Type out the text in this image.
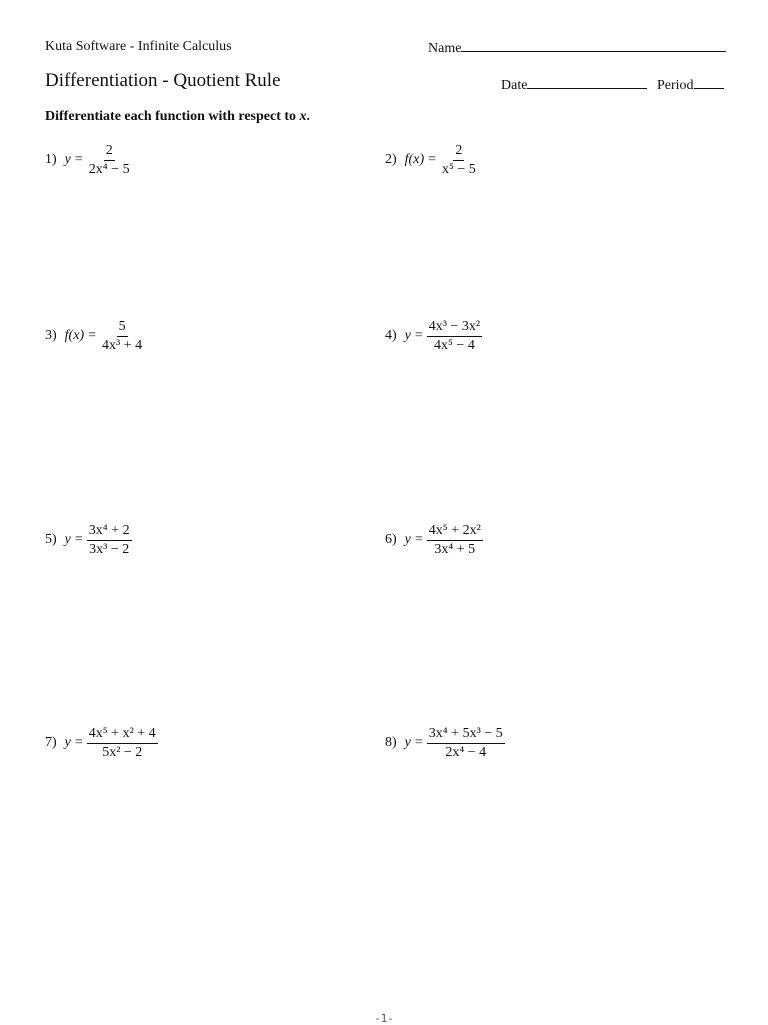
Kuta Software - Infinite Calculus	Name
Differentiation - Quotient Rule	Date	Period
Differentiate each function with respect to x.
1) $y = \frac{2}{\text{2x⁴ − 5}}$	2) $f(x) = \frac{2}{\text{x⁵ − 5}}$
3) $f(x) = \frac{5}{\text{4x³ + 4}}$	4) $y = \frac{\text{4x³ − 3x²}}{\text{4x⁵ − 4}}$
5) $y = \frac{\text{3x⁴ + 2}}{\text{3x³ − 2}}$	6) $y = \frac{\text{4x⁵ + 2x²}}{\text{3x⁴ + 5}}$
7) $y = \frac{\text{4x⁵ + x² + 4}}{\text{5x² − 2}}$	8) $y = \frac{\text{3x⁴ + 5x³ − 5}}{\text{2x⁴ − 4}}$
-1-
